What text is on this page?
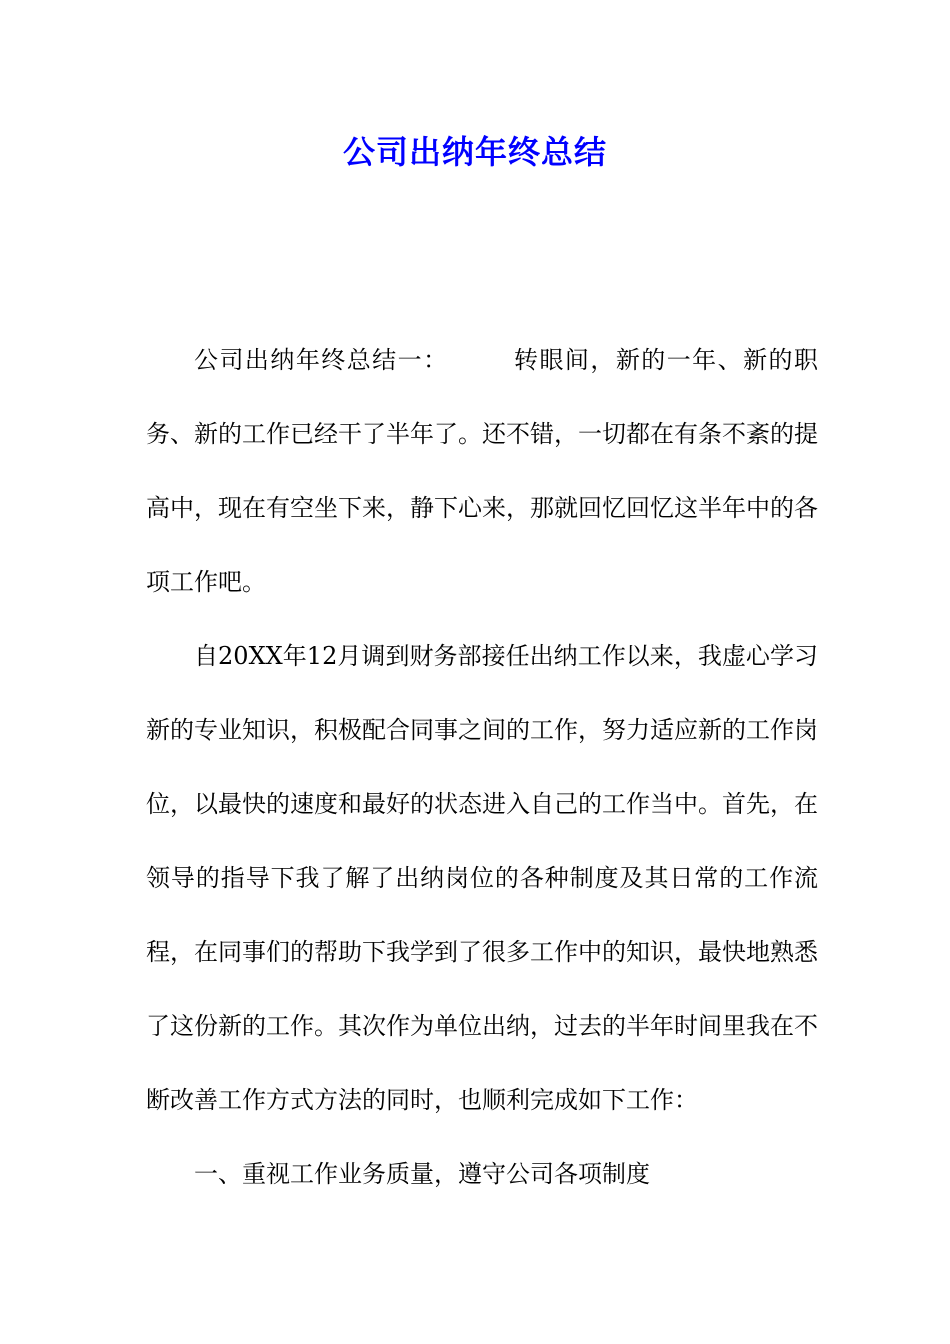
公司出纳年终总结

公司出纳年终总结一：	转眼间，新的一年、新的职务、新的工作已经干了半年了。还不错，一切都在有条不紊的提高中，现在有空坐下来，静下心来，那就回忆回忆这半年中的各项工作吧。

自20XX年12月调到财务部接任出纳工作以来，我虚心学习新的专业知识，积极配合同事之间的工作，努力适应新的工作岗位，以最快的速度和最好的状态进入自己的工作当中。首先，在领导的指导下我了解了出纳岗位的各种制度及其日常的工作流程，在同事们的帮助下我学到了很多工作中的知识，最快地熟悉了这份新的工作。其次作为单位出纳，过去的半年时间里我在不断改善工作方式方法的同时，也顺利完成如下工作：

一、重视工作业务质量，遵守公司各项制度
